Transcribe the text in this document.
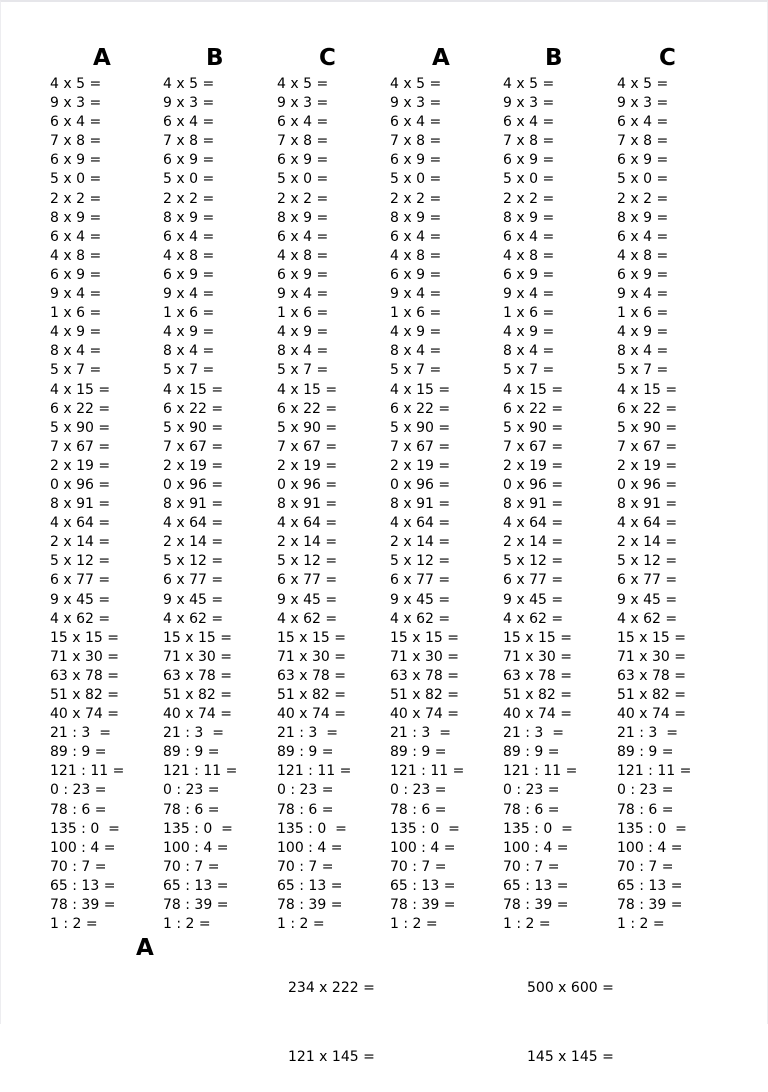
A
4 x 5 =
9 x 3 =
6 x 4 =
7 x 8 =
6 x 9 =
5 x 0 =
2 x 2 =
8 x 9 =
6 x 4 =
4 x 8 =
6 x 9 =
9 x 4 =
1 x 6 =
4 x 9 =
8 x 4 =
5 x 7 =
4 x 15 =
6 x 22 =
5 x 90 =
7 x 67 =
2 x 19 =
0 x 96 =
8 x 91 =
4 x 64 =
2 x 14 =
5 x 12 =
6 x 77 =
9 x 45 =
4 x 62 =
15 x 15 =
71 x 30 =
63 x 78 =
51 x 82 =
40 x 74 =
21 : 3  =
89 : 9 =
121 : 11 =
0 : 23 =
78 : 6 =
135 : 0  =
100 : 4 =
70 : 7 =
65 : 13 =
78 : 39 =
1 : 2 =
B
4 x 5 =
9 x 3 =
6 x 4 =
7 x 8 =
6 x 9 =
5 x 0 =
2 x 2 =
8 x 9 =
6 x 4 =
4 x 8 =
6 x 9 =
9 x 4 =
1 x 6 =
4 x 9 =
8 x 4 =
5 x 7 =
4 x 15 =
6 x 22 =
5 x 90 =
7 x 67 =
2 x 19 =
0 x 96 =
8 x 91 =
4 x 64 =
2 x 14 =
5 x 12 =
6 x 77 =
9 x 45 =
4 x 62 =
15 x 15 =
71 x 30 =
63 x 78 =
51 x 82 =
40 x 74 =
21 : 3  =
89 : 9 =
121 : 11 =
0 : 23 =
78 : 6 =
135 : 0  =
100 : 4 =
70 : 7 =
65 : 13 =
78 : 39 =
1 : 2 =
C
4 x 5 =
9 x 3 =
6 x 4 =
7 x 8 =
6 x 9 =
5 x 0 =
2 x 2 =
8 x 9 =
6 x 4 =
4 x 8 =
6 x 9 =
9 x 4 =
1 x 6 =
4 x 9 =
8 x 4 =
5 x 7 =
4 x 15 =
6 x 22 =
5 x 90 =
7 x 67 =
2 x 19 =
0 x 96 =
8 x 91 =
4 x 64 =
2 x 14 =
5 x 12 =
6 x 77 =
9 x 45 =
4 x 62 =
15 x 15 =
71 x 30 =
63 x 78 =
51 x 82 =
40 x 74 =
21 : 3  =
89 : 9 =
121 : 11 =
0 : 23 =
78 : 6 =
135 : 0  =
100 : 4 =
70 : 7 =
65 : 13 =
78 : 39 =
1 : 2 =
A
4 x 5 =
9 x 3 =
6 x 4 =
7 x 8 =
6 x 9 =
5 x 0 =
2 x 2 =
8 x 9 =
6 x 4 =
4 x 8 =
6 x 9 =
9 x 4 =
1 x 6 =
4 x 9 =
8 x 4 =
5 x 7 =
4 x 15 =
6 x 22 =
5 x 90 =
7 x 67 =
2 x 19 =
0 x 96 =
8 x 91 =
4 x 64 =
2 x 14 =
5 x 12 =
6 x 77 =
9 x 45 =
4 x 62 =
15 x 15 =
71 x 30 =
63 x 78 =
51 x 82 =
40 x 74 =
21 : 3  =
89 : 9 =
121 : 11 =
0 : 23 =
78 : 6 =
135 : 0  =
100 : 4 =
70 : 7 =
65 : 13 =
78 : 39 =
1 : 2 =
B
4 x 5 =
9 x 3 =
6 x 4 =
7 x 8 =
6 x 9 =
5 x 0 =
2 x 2 =
8 x 9 =
6 x 4 =
4 x 8 =
6 x 9 =
9 x 4 =
1 x 6 =
4 x 9 =
8 x 4 =
5 x 7 =
4 x 15 =
6 x 22 =
5 x 90 =
7 x 67 =
2 x 19 =
0 x 96 =
8 x 91 =
4 x 64 =
2 x 14 =
5 x 12 =
6 x 77 =
9 x 45 =
4 x 62 =
15 x 15 =
71 x 30 =
63 x 78 =
51 x 82 =
40 x 74 =
21 : 3  =
89 : 9 =
121 : 11 =
0 : 23 =
78 : 6 =
135 : 0  =
100 : 4 =
70 : 7 =
65 : 13 =
78 : 39 =
1 : 2 =
C
4 x 5 =
9 x 3 =
6 x 4 =
7 x 8 =
6 x 9 =
5 x 0 =
2 x 2 =
8 x 9 =
6 x 4 =
4 x 8 =
6 x 9 =
9 x 4 =
1 x 6 =
4 x 9 =
8 x 4 =
5 x 7 =
4 x 15 =
6 x 22 =
5 x 90 =
7 x 67 =
2 x 19 =
0 x 96 =
8 x 91 =
4 x 64 =
2 x 14 =
5 x 12 =
6 x 77 =
9 x 45 =
4 x 62 =
15 x 15 =
71 x 30 =
63 x 78 =
51 x 82 =
40 x 74 =
21 : 3  =
89 : 9 =
121 : 11 =
0 : 23 =
78 : 6 =
135 : 0  =
100 : 4 =
70 : 7 =
65 : 13 =
78 : 39 =
1 : 2 =
A

234 x 222 =

121 x 145 =

500 x 600 =

145 x 145 =
